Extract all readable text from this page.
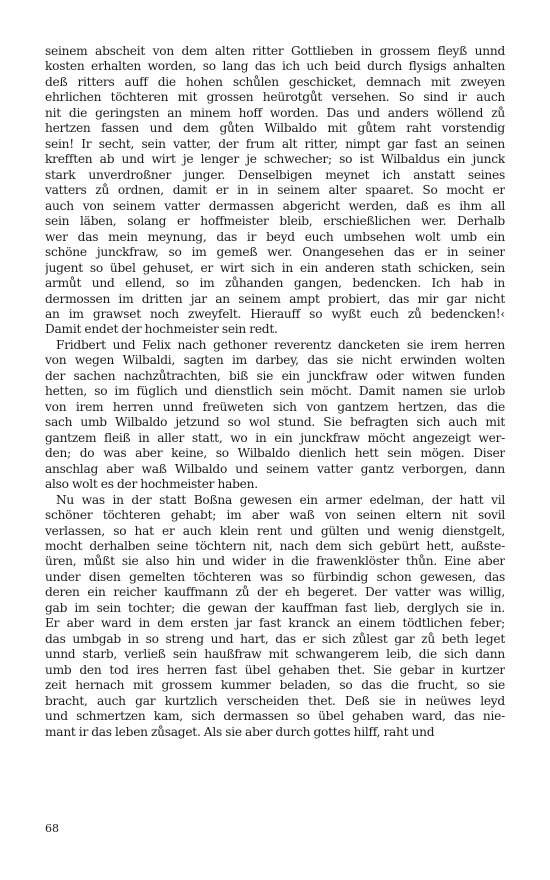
seinem abscheit von dem alten ritter Gottlieben in grossem fleyß unnd
kosten erhalten worden, so lang das ich uch beid durch flysigs anhalten
deß ritters auff die hohen schůlen geschicket, demnach mit zweyen
ehrlichen töchteren mit grossen heürotgůt versehen. So sind ir auch
nit die geringsten an minem hoff worden. Das und anders wöllend zů
hertzen fassen und dem gůten Wilbaldo mit gůtem raht vorstendig
sein! Ir secht, sein vatter, der frum alt ritter, nimpt gar fast an seinen
krefften ab und wirt je lenger je schwecher; so ist Wilbaldus ein junck
stark unverdroßner junger. Denselbigen meynet ich anstatt seines
vatters zů ordnen, damit er in in seinem alter spaaret. So mocht er
auch von seinem vatter dermassen abgericht werden, daß es ihm all
sein läben, solang er hoffmeister bleib, erschießlichen wer. Derhalb
wer das mein meynung, das ir beyd euch umbsehen wolt umb ein
schöne junckfraw, so im gemeß wer. Onangesehen das er in seiner
jugent so übel gehuset, er wirt sich in ein anderen stath schicken, sein
armůt und ellend, so im zůhanden gangen, bedencken. Ich hab in
dermossen im dritten jar an seinem ampt probiert, das mir gar nicht
an im grawset noch zweyfelt. Hierauff so wyßt euch zů bedencken!‹
Damit endet der hochmeister sein redt.
Fridbert und Felix nach gethoner reverentz dancketen sie irem herren
von wegen Wilbaldi, sagten im darbey, das sie nicht erwinden wolten
der sachen nachzůtrachten, biß sie ein junckfraw oder witwen funden
hetten, so im füglich und dienstlich sein möcht. Damit namen sie urlob
von irem herren unnd freüweten sich von gantzem hertzen, das die
sach umb Wilbaldo jetzund so wol stund. Sie befragten sich auch mit
gantzem fleiß in aller statt, wo in ein junckfraw möcht angezeigt wer-
den; do was aber keine, so Wilbaldo dienlich hett sein mögen. Diser
anschlag aber waß Wilbaldo und seinem vatter gantz verborgen, dann
also wolt es der hochmeister haben.
Nu was in der statt Boßna gewesen ein armer edelman, der hatt vil
schöner töchteren gehabt; im aber waß von seinen eltern nit sovil
verlassen, so hat er auch klein rent und gülten und wenig dienstgelt,
mocht derhalben seine töchtern nit, nach dem sich gebürt hett, außste-
üren, můßt sie also hin und wider in die frawenklöster thůn. Eine aber
under disen gemelten töchteren was so fürbindig schon gewesen, das
deren ein reicher kauffmann zů der eh begeret. Der vatter was willig,
gab im sein tochter; die gewan der kauffman fast lieb, derglych sie in.
Er aber ward in dem ersten jar fast kranck an einem tödtlichen feber;
das umbgab in so streng und hart, das er sich zůlest gar zů beth leget
unnd starb, verließ sein haußfraw mit schwangerem leib, die sich dann
umb den tod ires herren fast übel gehaben thet. Sie gebar in kurtzer
zeit hernach mit grossem kummer beladen, so das die frucht, so sie
bracht, auch gar kurtzlich verscheiden thet. Deß sie in neüwes leyd
und schmertzen kam, sich dermassen so übel gehaben ward, das nie-
mant ir das leben zůsaget. Als sie aber durch gottes hilff, raht und
68
